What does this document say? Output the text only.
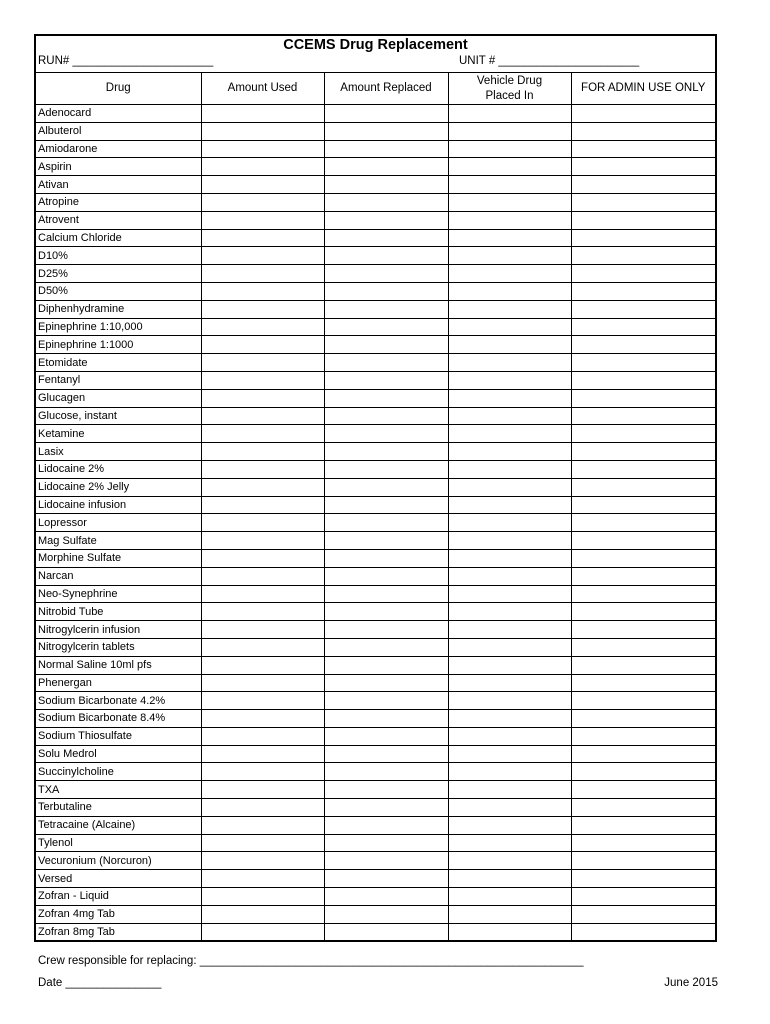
CCEMS Drug Replacement
RUN# ______________________	UNIT # ______________________
Drug	Amount Used	Amount Replaced	Vehicle Drug Placed In	FOR ADMIN USE ONLY
Adenocard				
Albuterol				
Amiodarone				
Aspirin				
Ativan				
Atropine				
Atrovent				
Calcium Chloride				
D10%				
D25%				
D50%				
Diphenhydramine				
Epinephrine 1:10,000				
Epinephrine 1:1000				
Etomidate				
Fentanyl				
Glucagen				
Glucose, instant				
Ketamine				
Lasix				
Lidocaine 2%				
Lidocaine 2% Jelly				
Lidocaine infusion				
Lopressor				
Mag Sulfate				
Morphine Sulfate				
Narcan				
Neo-Synephrine				
Nitrobid Tube				
Nitrogylcerin infusion				
Nitrogylcerin tablets				
Normal Saline 10ml pfs				
Phenergan				
Sodium Bicarbonate 4.2%				
Sodium Bicarbonate 8.4%				
Sodium Thiosulfate				
Solu Medrol				
Succinylcholine				
TXA				
Terbutaline				
Tetracaine (Alcaine)				
Tylenol				
Vecuronium (Norcuron)				
Versed				
Zofran - Liquid				
Zofran 4mg Tab				
Zofran 8mg Tab				
Crew responsible for replacing: ____________________________________________________________
Date _______________	June 2015
